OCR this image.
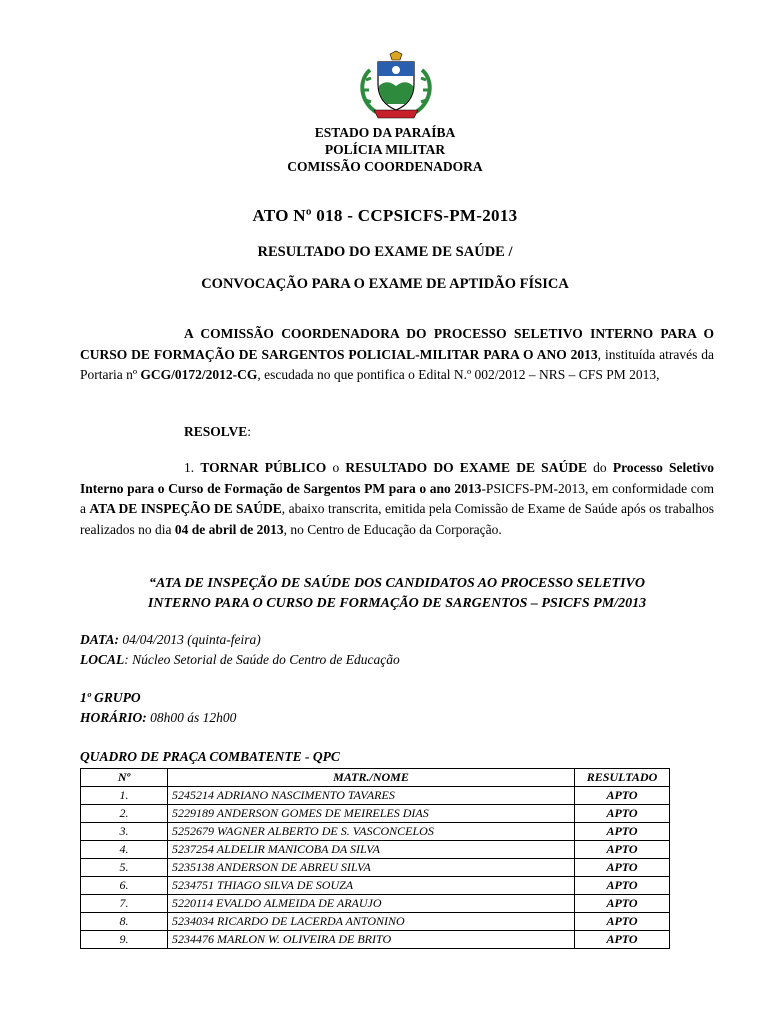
ESTADO DA PARAÍBA
POLÍCIA MILITAR
COMISSÃO COORDENADORA
ATO Nº 018 - CCPSICFS-PM-2013
RESULTADO DO EXAME DE SAÚDE /
CONVOCAÇÃO PARA O EXAME DE APTIDÃO FÍSICA
A COMISSÃO COORDENADORA DO PROCESSO SELETIVO INTERNO PARA O CURSO DE FORMAÇÃO DE SARGENTOS POLICIAL-MILITAR PARA O ANO 2013, instituída através da Portaria nº GCG/0172/2012-CG, escudada no que pontifica o Edital N.º 002/2012 – NRS – CFS PM 2013,
RESOLVE:
1. TORNAR PÚBLICO o RESULTADO DO EXAME DE SAÚDE do Processo Seletivo Interno para o Curso de Formação de Sargentos PM para o ano 2013-PSICFS-PM-2013, em conformidade com a ATA DE INSPEÇÃO DE SAÚDE, abaixo transcrita, emitida pela Comissão de Exame de Saúde após os trabalhos realizados no dia 04 de abril de 2013, no Centro de Educação da Corporação.
“ATA DE INSPEÇÃO DE SAÚDE DOS CANDIDATOS AO PROCESSO SELETIVO
INTERNO PARA O CURSO DE FORMAÇÃO DE SARGENTOS – PSICFS PM/2013
DATA: 04/04/2013 (quinta-feira)
LOCAL: Núcleo Setorial de Saúde do Centro de Educação
1º GRUPO
HORÁRIO: 08h00 ás 12h00
QUADRO DE PRAÇA COMBATENTE - QPC
Nº	MATR./NOME	RESULTADO
1.	5245214 ADRIANO NASCIMENTO TAVARES	APTO
2.	5229189 ANDERSON GOMES DE MEIRELES DIAS	APTO
3.	5252679 WAGNER ALBERTO DE S. VASCONCELOS	APTO
4.	5237254 ALDELIR MANICOBA DA SILVA	APTO
5.	5235138 ANDERSON DE ABREU SILVA	APTO
6.	5234751 THIAGO SILVA DE SOUZA	APTO
7.	5220114 EVALDO ALMEIDA DE ARAUJO	APTO
8.	5234034 RICARDO DE LACERDA ANTONINO	APTO
9.	5234476 MARLON W. OLIVEIRA DE BRITO	APTO
